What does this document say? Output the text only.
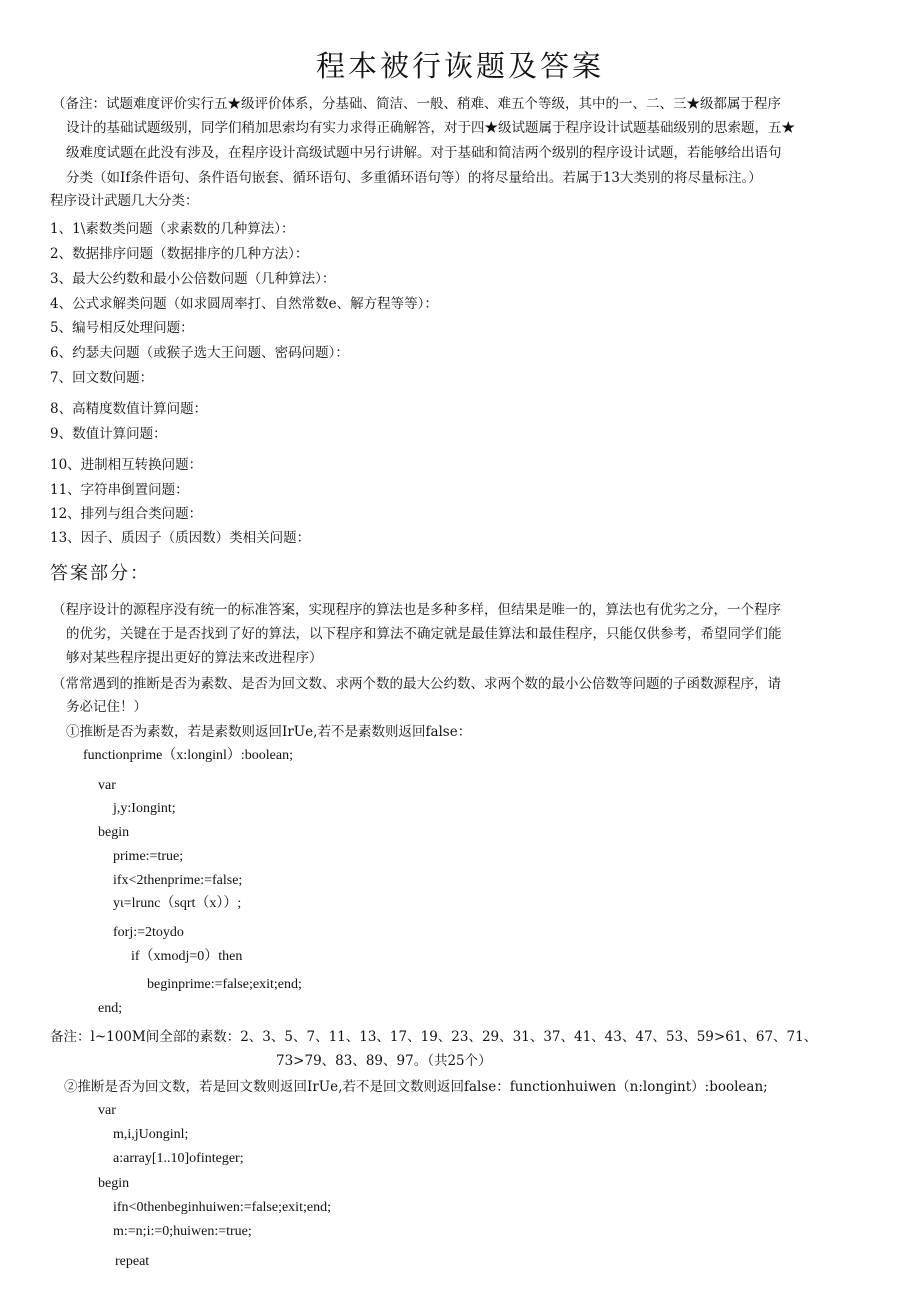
程本被行诙题及答案
（备注：试题难度评价实行五★级评价体系，分基础、简洁、一般、稍难、难五个等级，其中的一、二、三★级都属于程序
设计的基础试题级别，同学们稍加思索均有实力求得正确解答，对于四★级试题属于程序设计试题基础级别的思索题，五★
级难度试题在此没有涉及，在程序设计高级试题中另行讲解。对于基础和简洁两个级别的程序设计试题，若能够给出语句
分类（如If条件语句、条件语句嵌套、循环语句、多重循环语句等）的将尽量给出。若属于13大类别的将尽量标注。）
程序设计武题几大分类：
1、1\素数类问题（求素数的几种算法）：
2、数据排序问题（数据排序的几种方法）：
3、最大公约数和最小公倍数问题（几种算法）：
4、公式求解类问题（如求圆周率打、自然常数e、解方程等等）：
5、编号相反处理问题：
6、约瑟夫问题（或猴子选大王问题、密码问题）：
7、回文数问题：
8、高精度数值计算问题：
9、数值计算问题：
10、进制相互转换问题：
11、字符串倒置问题：
12、排列与组合类问题：
13、因子、质因子（质因数）类相关问题：
答案部分：
（程序设计的源程序没有统一的标准答案，实现程序的算法也是多种多样，但结果是唯一的，算法也有优劣之分，一个程序
的优劣，关键在于是否找到了好的算法，以下程序和算法不确定就是最佳算法和最佳程序，只能仅供参考，希望同学们能
够对某些程序提出更好的算法来改进程序）
（常常遇到的推断是否为素数、是否为回文数、求两个数的最大公约数、求两个数的最小公倍数等问题的子函数源程序，请
务必记住！）
①推断是否为素数，若是素数则返回IrUe,若不是素数则返回false：
functionprime（x:longinl）:boolean;
var
j,y:Iongint;
begin
prime:=true;
ifx<2thenprime:=false;
yι=lrunc（sqrt（x））;
forj:=2toydo
if（xmodj=0）then
beginprime:=false;exit;end;
end;
备注：l~100M间全部的素数：2、3、5、7、11、13、17、19、23、29、31、37、41、43、47、53、59>61、67、71、
73>79、83、89、97。（共25个）
②推断是否为回文数，若是回文数则返回IrUe,若不是回文数则返回false：functionhuiwen（n:longint）:boolean;
var
m,i,jUonginl;
a:array[1..10]ofinteger;
begin
ifn<0thenbeginhuiwen:=false;exit;end;
m:=n;i:=0;huiwen:=true;
repeat
